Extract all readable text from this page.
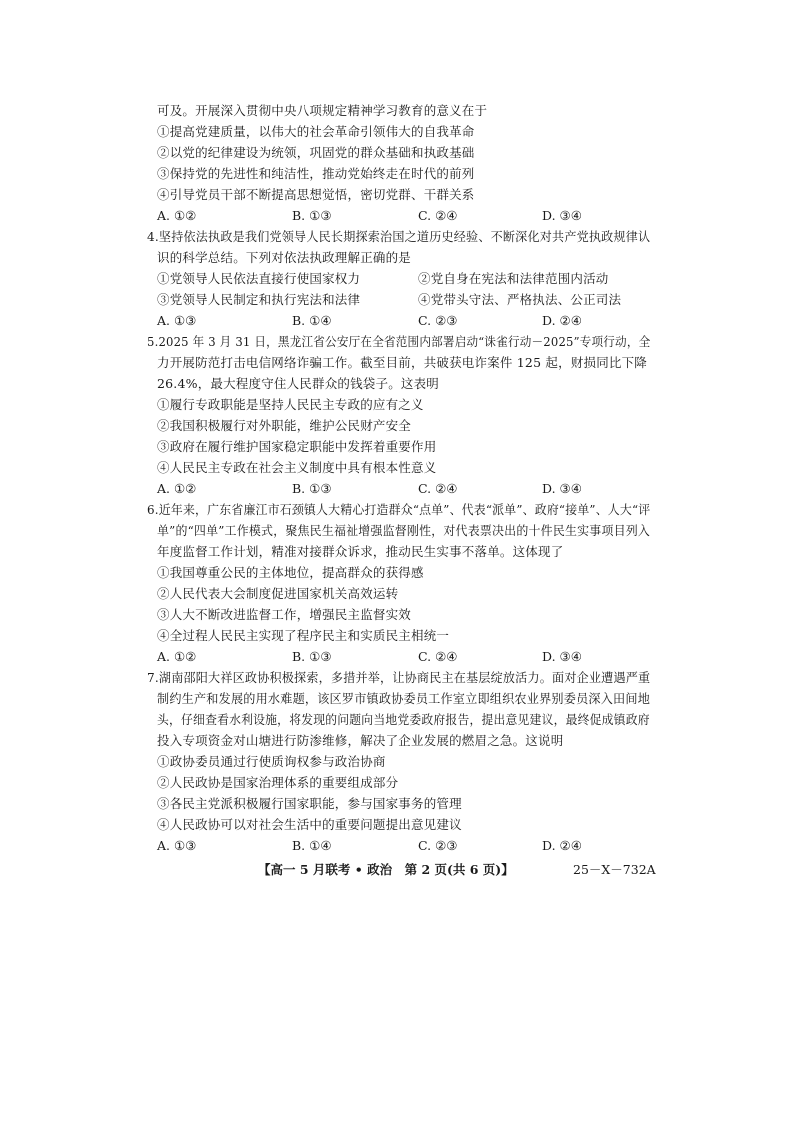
可及。开展深入贯彻中央八项规定精神学习教育的意义在于
①提高党建质量，以伟大的社会革命引领伟大的自我革命
②以党的纪律建设为统领，巩固党的群众基础和执政基础
③保持党的先进性和纯洁性，推动党始终走在时代的前列
④引导党员干部不断提高思想觉悟，密切党群、干群关系
A. ①②	B. ①③	C. ②④	D. ③④
4.坚持依法执政是我们党领导人民长期探索治国之道历史经验、不断深化对共产党执政规律认
识的科学总结。下列对依法执政理解正确的是
①党领导人民依法直接行使国家权力	②党自身在宪法和法律范围内活动
③党领导人民制定和执行宪法和法律	④党带头守法、严格执法、公正司法
A. ①③	B. ①④	C. ②③	D. ②④
5.2025 年 3 月 31 日，黑龙江省公安厅在全省范围内部署启动“诛雀行动－2025”专项行动，全
力开展防范打击电信网络诈骗工作。截至目前，共破获电诈案件 125 起，财损同比下降
26.4%，最大程度守住人民群众的钱袋子。这表明
①履行专政职能是坚持人民民主专政的应有之义
②我国积极履行对外职能，维护公民财产安全
③政府在履行维护国家稳定职能中发挥着重要作用
④人民民主专政在社会主义制度中具有根本性意义
A. ①②	B. ①③	C. ②④	D. ③④
6.近年来，广东省廉江市石颈镇人大精心打造群众“点单”、代表“派单”、政府“接单”、人大“评
单”的“四单”工作模式，聚焦民生福祉增强监督刚性，对代表票决出的十件民生实事项目列入
年度监督工作计划，精准对接群众诉求，推动民生实事不落单。这体现了
①我国尊重公民的主体地位，提高群众的获得感
②人民代表大会制度促进国家机关高效运转
③人大不断改进监督工作，增强民主监督实效
④全过程人民民主实现了程序民主和实质民主相统一
A. ①②	B. ①③	C. ②④	D. ③④
7.湖南邵阳大祥区政协积极探索，多措并举，让协商民主在基层绽放活力。面对企业遭遇严重
制约生产和发展的用水难题，该区罗市镇政协委员工作室立即组织农业界别委员深入田间地
头，仔细查看水利设施，将发现的问题向当地党委政府报告，提出意见建议，最终促成镇政府
投入专项资金对山塘进行防渗维修，解决了企业发展的燃眉之急。这说明
①政协委员通过行使质询权参与政治协商
②人民政协是国家治理体系的重要组成部分
③各民主党派积极履行国家职能，参与国家事务的管理
④人民政协可以对社会生活中的重要问题提出意见建议
A. ①③	B. ①④	C. ②③	D. ②④
【高一 5 月联考 • 政治　第 2 页(共 6 页)】	25－X－732A
